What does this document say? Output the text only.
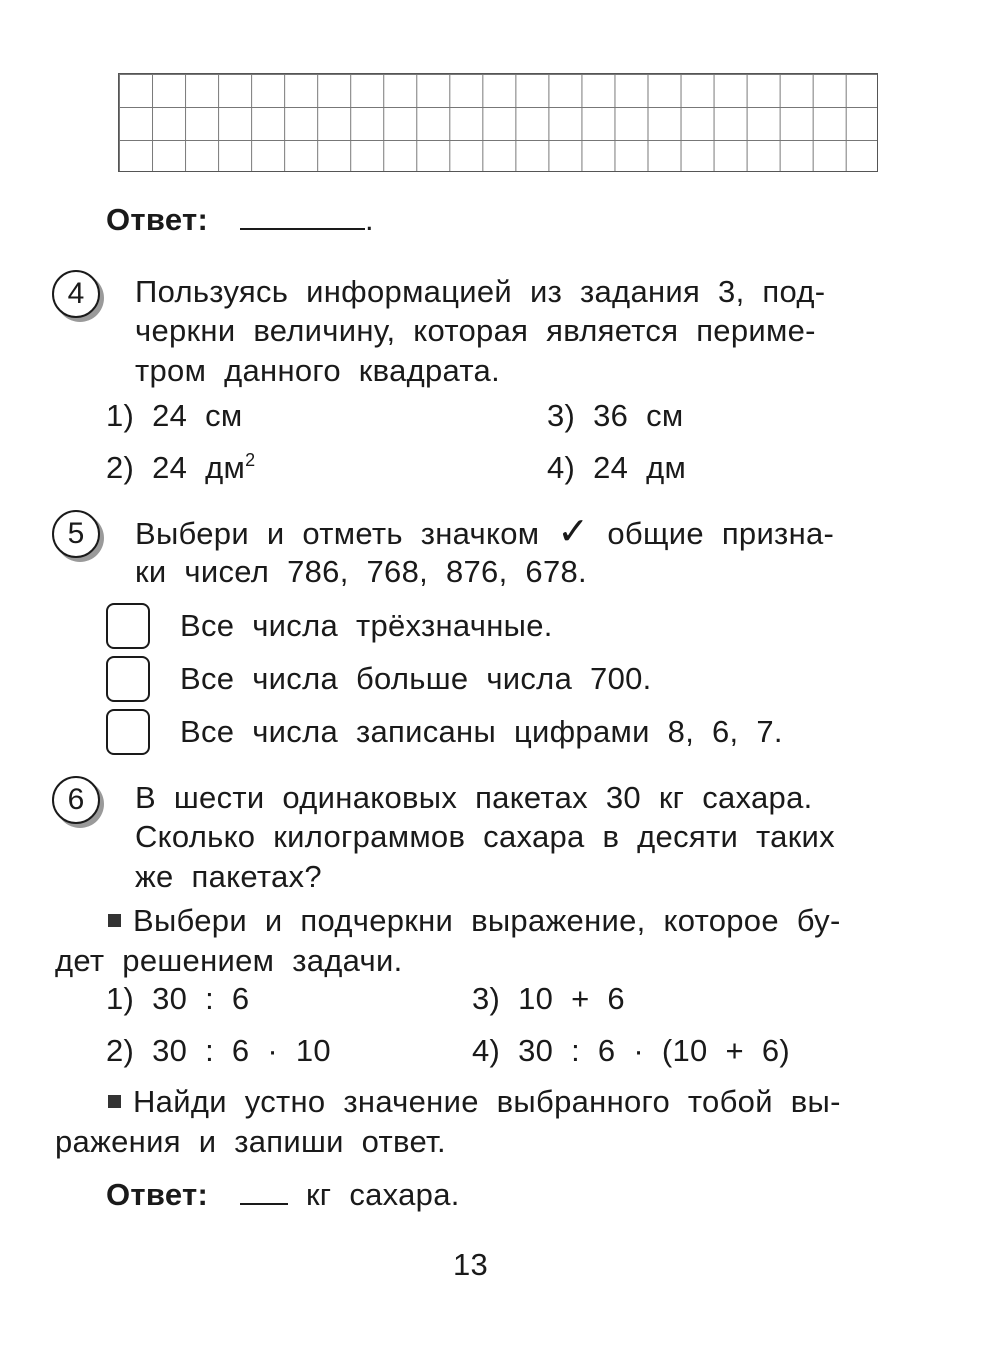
Ответ:	.
4	Пользуясь информацией из задания 3, под-
черкни величину, которая является периме-
тром данного квадрата.
1) 24 см
2) 24 $дм^2$
3) 36 см
4) 24 дм
5	Выбери и отметь значком ✓ общие призна-
ки чисел 786, 768, 876, 678.
Все числа трёхзначные.
Все числа больше числа 700.
Все числа записаны цифрами 8, 6, 7.
6	В шести одинаковых пакетах 30 кг сахара.
Сколько килограммов сахара в десяти таких
же пакетах?
Выбери и подчеркни выражение, которое бу-
дет решением задачи.
1) 30 : 6
2) 30 : 6 · 10
3) 10 + 6
4) 30 : 6 · (10 + 6)
Найди устно значение выбранного тобой вы-
ражения и запиши ответ.
Ответ:	кг сахара.
13
